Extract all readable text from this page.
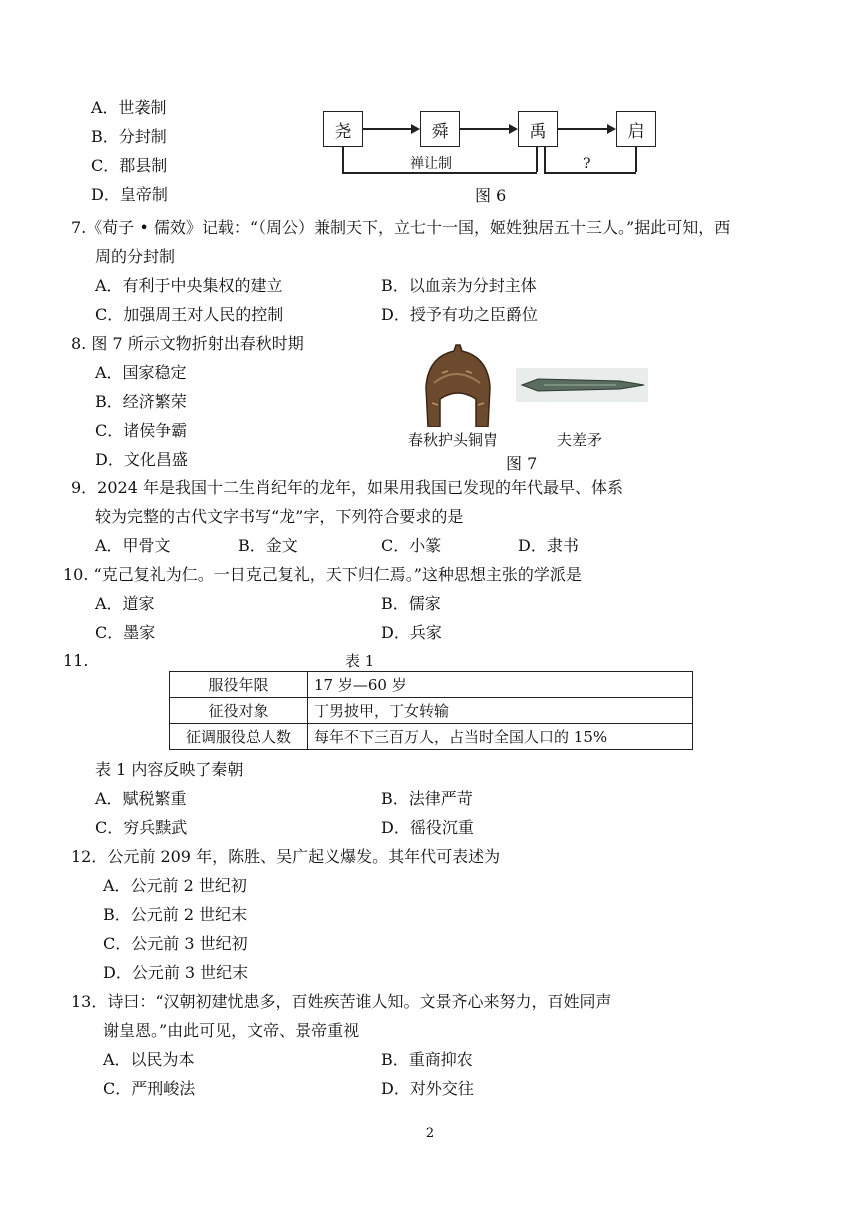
A．世袭制
B．分封制
C．郡县制
D．皇帝制
尧	舜	禹	启
禅让制	?
图 6
7.《荀子 • 儒效》记载：“（周公）兼制天下，立七十一国，姬姓独居五十三人。”据此可知，西
周的分封制
A．有利于中央集权的建立	B．以血亲为分封主体
C．加强周王对人民的控制	D．授予有功之臣爵位
8. 图 7 所示文物折射出春秋时期
A．国家稳定
B．经济繁荣
C．诸侯争霸
D．文化昌盛
春秋护头铜胄	夫差矛
图 7
9．2024 年是我国十二生肖纪年的龙年，如果用我国已发现的年代最早、体系
较为完整的古代文字书写“龙”字，下列符合要求的是
A．甲骨文	B．金文	C．小篆	D．隶书
10. “克己复礼为仁。一日克己复礼，天下归仁焉。”这种思想主张的学派是
A．道家	B．儒家
C．墨家	D．兵家
11.	表 1
服役年限	17 岁—60 岁
征役对象	丁男披甲，丁女转输
征调服役总人数	每年不下三百万人，占当时全国人口的 15%
表 1 内容反映了秦朝
A．赋税繁重	B．法律严苛
C．穷兵黩武	D．徭役沉重
12．公元前 209 年，陈胜、吴广起义爆发。其年代可表述为
A．公元前 2 世纪初
B．公元前 2 世纪末
C．公元前 3 世纪初
D．公元前 3 世纪末
13．诗曰：“汉朝初建忧患多，百姓疾苦谁人知。文景齐心来努力，百姓同声
谢皇恩。”由此可见，文帝、景帝重视
A．以民为本	B．重商抑农
C．严刑峻法	D．对外交往
2
